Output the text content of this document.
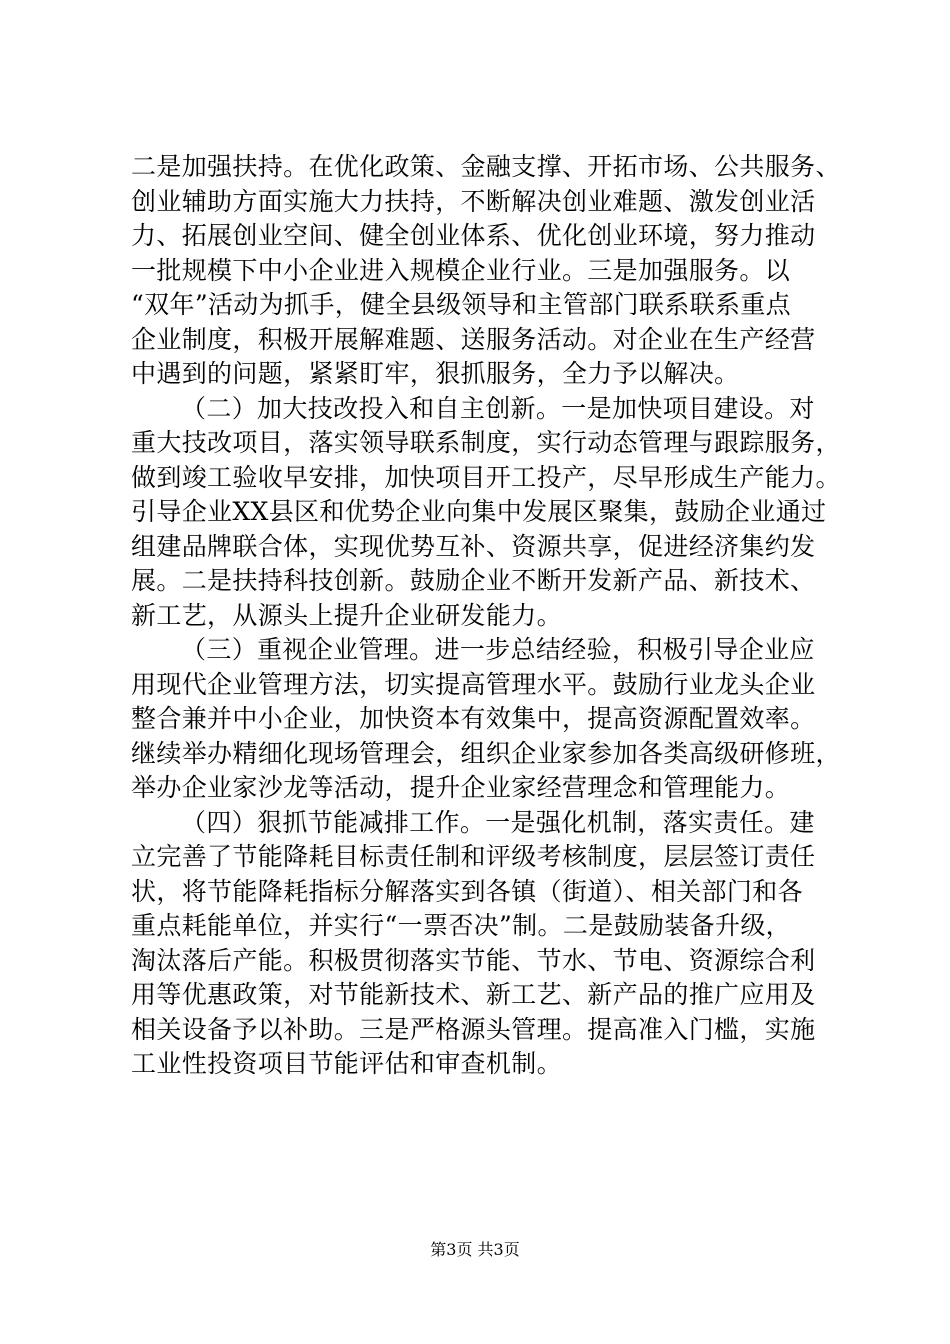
二是加强扶持。在优化政策、金融支撑、开拓市场、公共服务、
创业辅助方面实施大力扶持，不断解决创业难题、激发创业活
力、拓展创业空间、健全创业体系、优化创业环境，努力推动
一批规模下中小企业进入规模企业行业。三是加强服务。以
“双年”活动为抓手，健全县级领导和主管部门联系联系重点
企业制度，积极开展解难题、送服务活动。对企业在生产经营
中遇到的问题，紧紧盯牢，狠抓服务，全力予以解决。
（二）加大技改投入和自主创新。一是加快项目建设。对
重大技改项目，落实领导联系制度，实行动态管理与跟踪服务，
做到竣工验收早安排，加快项目开工投产，尽早形成生产能力。
引导企业XX县区和优势企业向集中发展区聚集，鼓励企业通过
组建品牌联合体，实现优势互补、资源共享，促进经济集约发
展。二是扶持科技创新。鼓励企业不断开发新产品、新技术、
新工艺，从源头上提升企业研发能力。
（三）重视企业管理。进一步总结经验，积极引导企业应
用现代企业管理方法，切实提高管理水平。鼓励行业龙头企业
整合兼并中小企业，加快资本有效集中，提高资源配置效率。
继续举办精细化现场管理会，组织企业家参加各类高级研修班，
举办企业家沙龙等活动，提升企业家经营理念和管理能力。
（四）狠抓节能减排工作。一是强化机制，落实责任。建
立完善了节能降耗目标责任制和评级考核制度，层层签订责任
状，将节能降耗指标分解落实到各镇（街道）、相关部门和各
重点耗能单位，并实行“一票否决”制。二是鼓励装备升级，
淘汰落后产能。积极贯彻落实节能、节水、节电、资源综合利
用等优惠政策，对节能新技术、新工艺、新产品的推广应用及
相关设备予以补助。三是严格源头管理。提高准入门槛，实施
工业性投资项目节能评估和审查机制。
第3页 共3页
